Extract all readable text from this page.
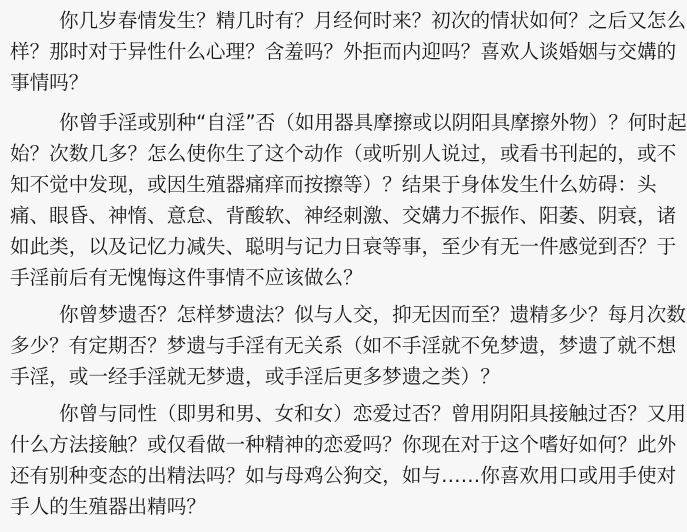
你几岁春情发生？精几时有？月经何时来？初次的情状如何？之后又怎么
样？那时对于异性什么心理？含羞吗？外拒而内迎吗？喜欢人谈婚姻与交媾的
事情吗？
你曾手淫或别种“自淫”否（如用器具摩擦或以阴阳具摩擦外物）？何时起
始？次数几多？怎么使你生了这个动作（或听别人说过，或看书刊起的，或不
知不觉中发现，或因生殖器痛痒而按擦等）？结果于身体发生什么妨碍：头
痛、眼昏、神惰、意怠、背酸软、神经刺激、交媾力不振作、阳萎、阴衰，诸
如此类，以及记忆力减失、聪明与记力日衰等事，至少有无一件感觉到否？于
手淫前后有无愧悔这件事情不应该做么？
你曾梦遗否？怎样梦遗法？似与人交，抑无因而至？遗精多少？每月次数
多少？有定期否？梦遗与手淫有无关系（如不手淫就不免梦遗，梦遗了就不想
手淫，或一经手淫就无梦遗，或手淫后更多梦遗之类）？
你曾与同性（即男和男、女和女）恋爱过否？曾用阴阳具接触过否？又用
什么方法接触？或仅看做一种精神的恋爱吗？你现在对于这个嗜好如何？此外
还有别种变态的出精法吗？如与母鸡公狗交，如与……你喜欢用口或用手使对
手人的生殖器出精吗？
